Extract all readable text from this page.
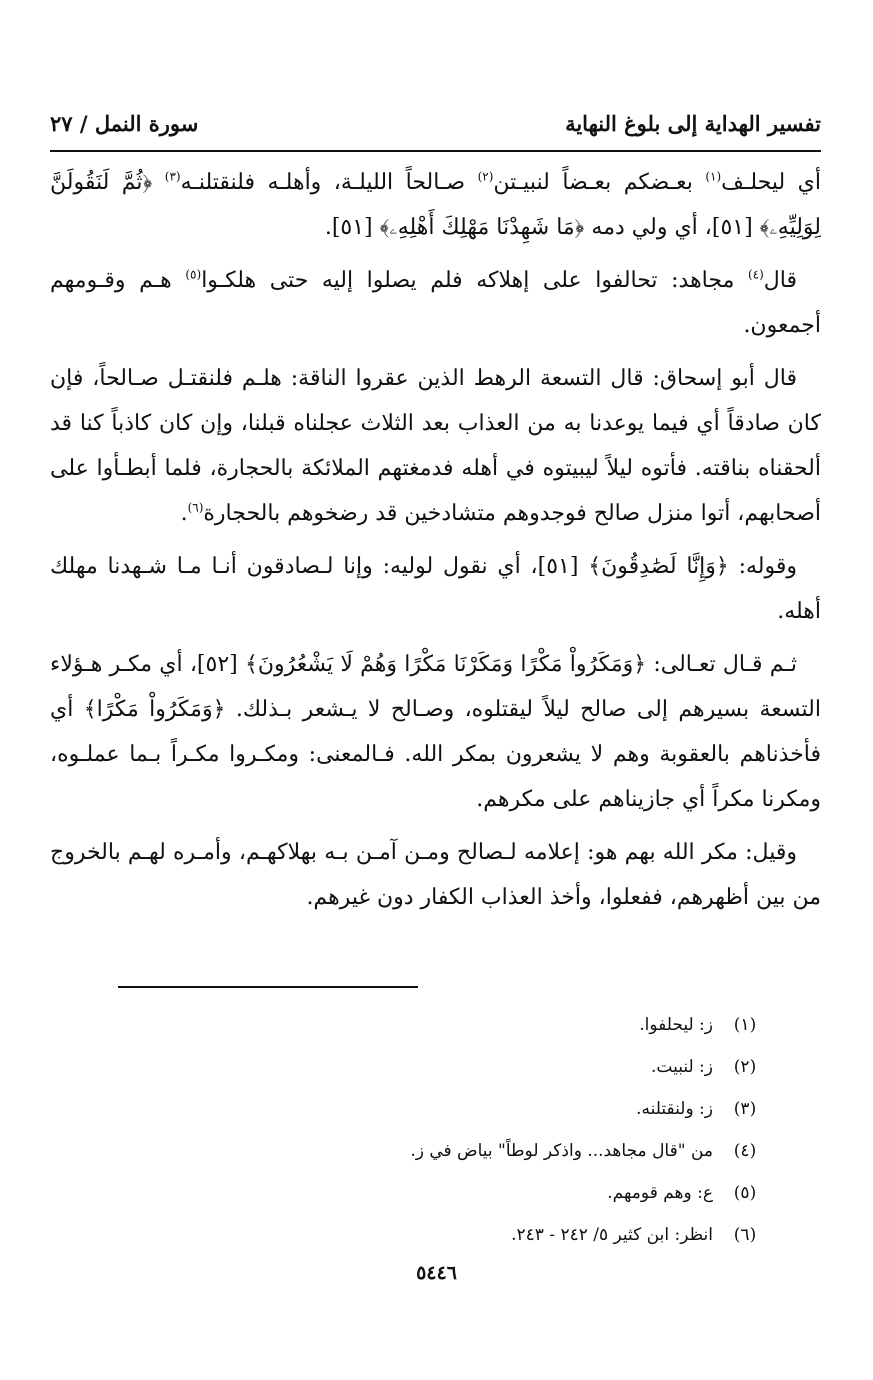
تفسير الهداية إلى بلوغ النهاية
سورة النمل / ٢٧

أي ليحلـف$^{(١)}$ بعـضكم بعـضاً لنبيـتن$^{(٢)}$ صـالحاً الليلـة، وأهلـه فلنقتلنـه$^{(٣)}$ ﴿ثُمَّ لَنَقُولَنَّ لِوَلِيِّهِۦ﴾ [٥١]، أي ولي دمه ﴿مَا شَهِدْنَا مَهْلِكَ أَهْلِهِۦ﴾ [٥١].

قال$^{(٤)}$ مجاهد: تحالفوا على إهلاكه فلم يصلوا إليه حتى هلكـوا$^{(٥)}$ هـم وقـومهم أجمعون.

قال أبو إسحاق: قال التسعة الرهط الذين عقروا الناقة: هلـم فلنقتـل صـالحاً، فإن كان صادقاً أي فيما يوعدنا به من العذاب بعد الثلاث عجلناه قبلنا، وإن كان كاذباً كنا قد ألحقناه بناقته. فأتوه ليلاً ليبيتوه في أهله فدمغتهم الملائكة بالحجارة، فلما أبطـأوا على أصحابهم، أتوا منزل صالح فوجدوهم متشادخين قد رضخوهم بالحجارة$^{(٦)}$.

وقوله: ﴿وَإِنَّا لَصَٰدِقُونَ﴾ [٥١]، أي نقول لوليه: وإنا لـصادقون أنـا مـا شـهدنا مهلك أهله.

ثـم قـال تعـالى: ﴿وَمَكَرُواْ مَكْرًا وَمَكَرْنَا مَكْرًا وَهُمْ لَا يَشْعُرُونَ﴾ [٥٢]، أي مكـر هـؤلاء التسعة بسيرهم إلى صالح ليلاً ليقتلوه، وصـالح لا يـشعر بـذلك. ﴿وَمَكَرُواْ مَكْرًا﴾ أي فأخذناهم بالعقوبة وهم لا يشعرون بمكر الله. فـالمعنى: ومكـروا مكـراً بـما عملـوه، ومكرنا مكراً أي جازيناهم على مكرهم.

وقيل: مكر الله بهم هو: إعلامه لـصالح ومـن آمـن بـه بهلاكهـم، وأمـره لهـم بالخروج من بين أظهرهم، ففعلوا، وأخذ العذاب الكفار دون غيرهم.

(١)
ز: ليحلفوا.
(٢)
ز: لنبيت.
(٣)
ز: ولنقتلنه.
(٤)
من "قال مجاهد... واذكر لوطاً" بياض في ز.
(٥)
ع: وهم قومهم.
(٦)
انظر: ابن كثير ٥/ ٢٤٢ - ٢٤٣.
٥٤٤٦
